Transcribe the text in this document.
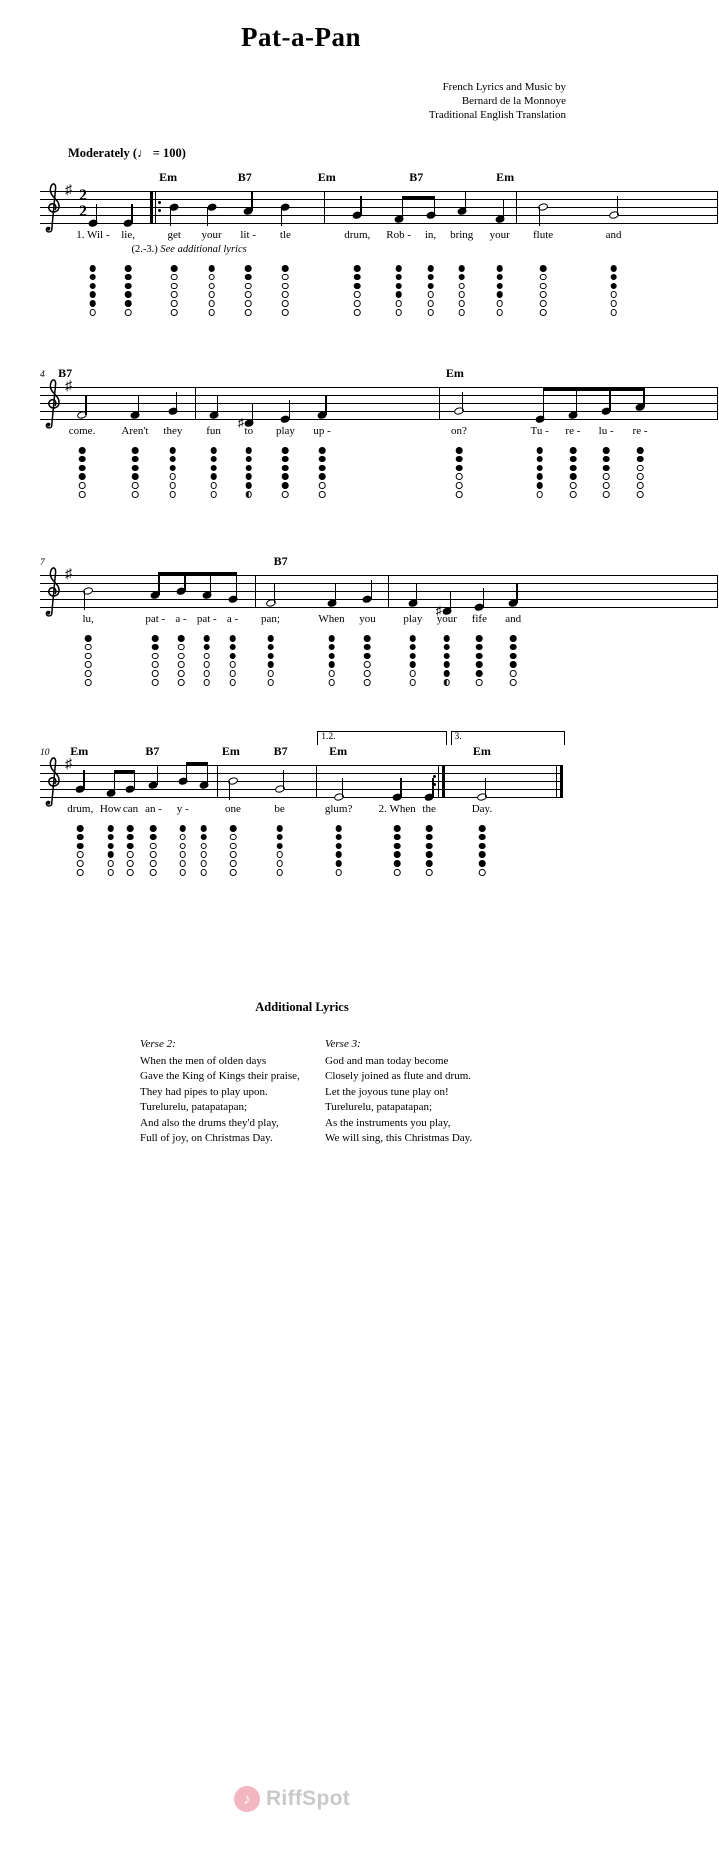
Pat-a-Pan
French Lyrics and Music by
Bernard de la Monnoye
Traditional English Translation
Moderately (♩ = 100)
♯ 2
2
Em	B7	Em	B7	Em
1. Wil - lie,	get your lit - tle	drum, Rob - in, bring your flute	and
(2.-3.) See additional lyrics
♯
4 B7	Em
come. Aren't they fun
♯
to play up -	on?	Tu - re - lu - re -
♯
7	B7
lu,	pat - a - pat - a - pan;	When you	play
♯
your fife and
♯
10 Em	B7	Em	B7	Em	Em
1.2.	3.
drum, How can an - y -	one	be	glum? 2. When the	Day.
Additional Lyrics
Verse 2:
When the men of olden days
Gave the King of Kings their praise,
They had pipes to play upon.
Turelurelu, patapatapan;
And also the drums they'd play,
Full of joy, on Christmas Day.
Verse 3:
God and man today become
Closely joined as flute and drum.
Let the joyous tune play on!
Turelurelu, patapatapan;
As the instruments you play,
We will sing, this Christmas Day.
♪ RiffSpot
